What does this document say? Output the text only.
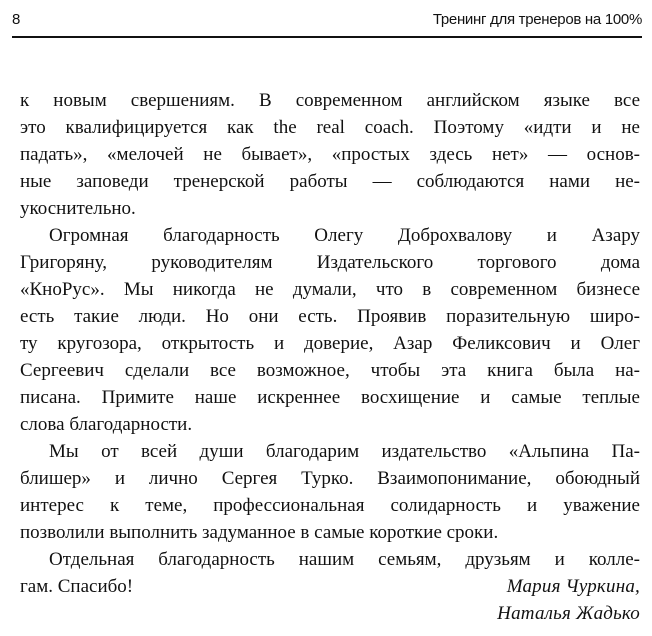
8	Тренинг для тренеров на 100%
к новым свершениям. В современном английском языке все
это квалифицируется как the real coach. Поэтому «идти и не
падать», «мелочей не бывает», «простых здесь нет» — основ-
ные заповеди тренерской работы — соблюдаются нами не-
укоснительно.
Огромная благодарность Олегу Доброхвалову и Азару
Григоряну, руководителям Издательского торгового дома
«КноРус». Мы никогда не думали, что в современном бизнесе
есть такие люди. Но они есть. Проявив поразительную широ-
ту кругозора, открытость и доверие, Азар Феликсович и Олег
Сергеевич сделали все возможное, чтобы эта книга была на-
писана. Примите наше искреннее восхищение и самые теплые
слова благодарности.
Мы от всей души благодарим издательство «Альпина Па-
блишер» и лично Сергея Турко. Взаимопонимание, обоюдный
интерес к теме, профессиональная солидарность и уважение
позволили выполнить задуманное в самые короткие сроки.
Отдельная благодарность нашим семьям, друзьям и колле-
гам. Спасибо!	Мария Чуркина,
Наталья Жадько
